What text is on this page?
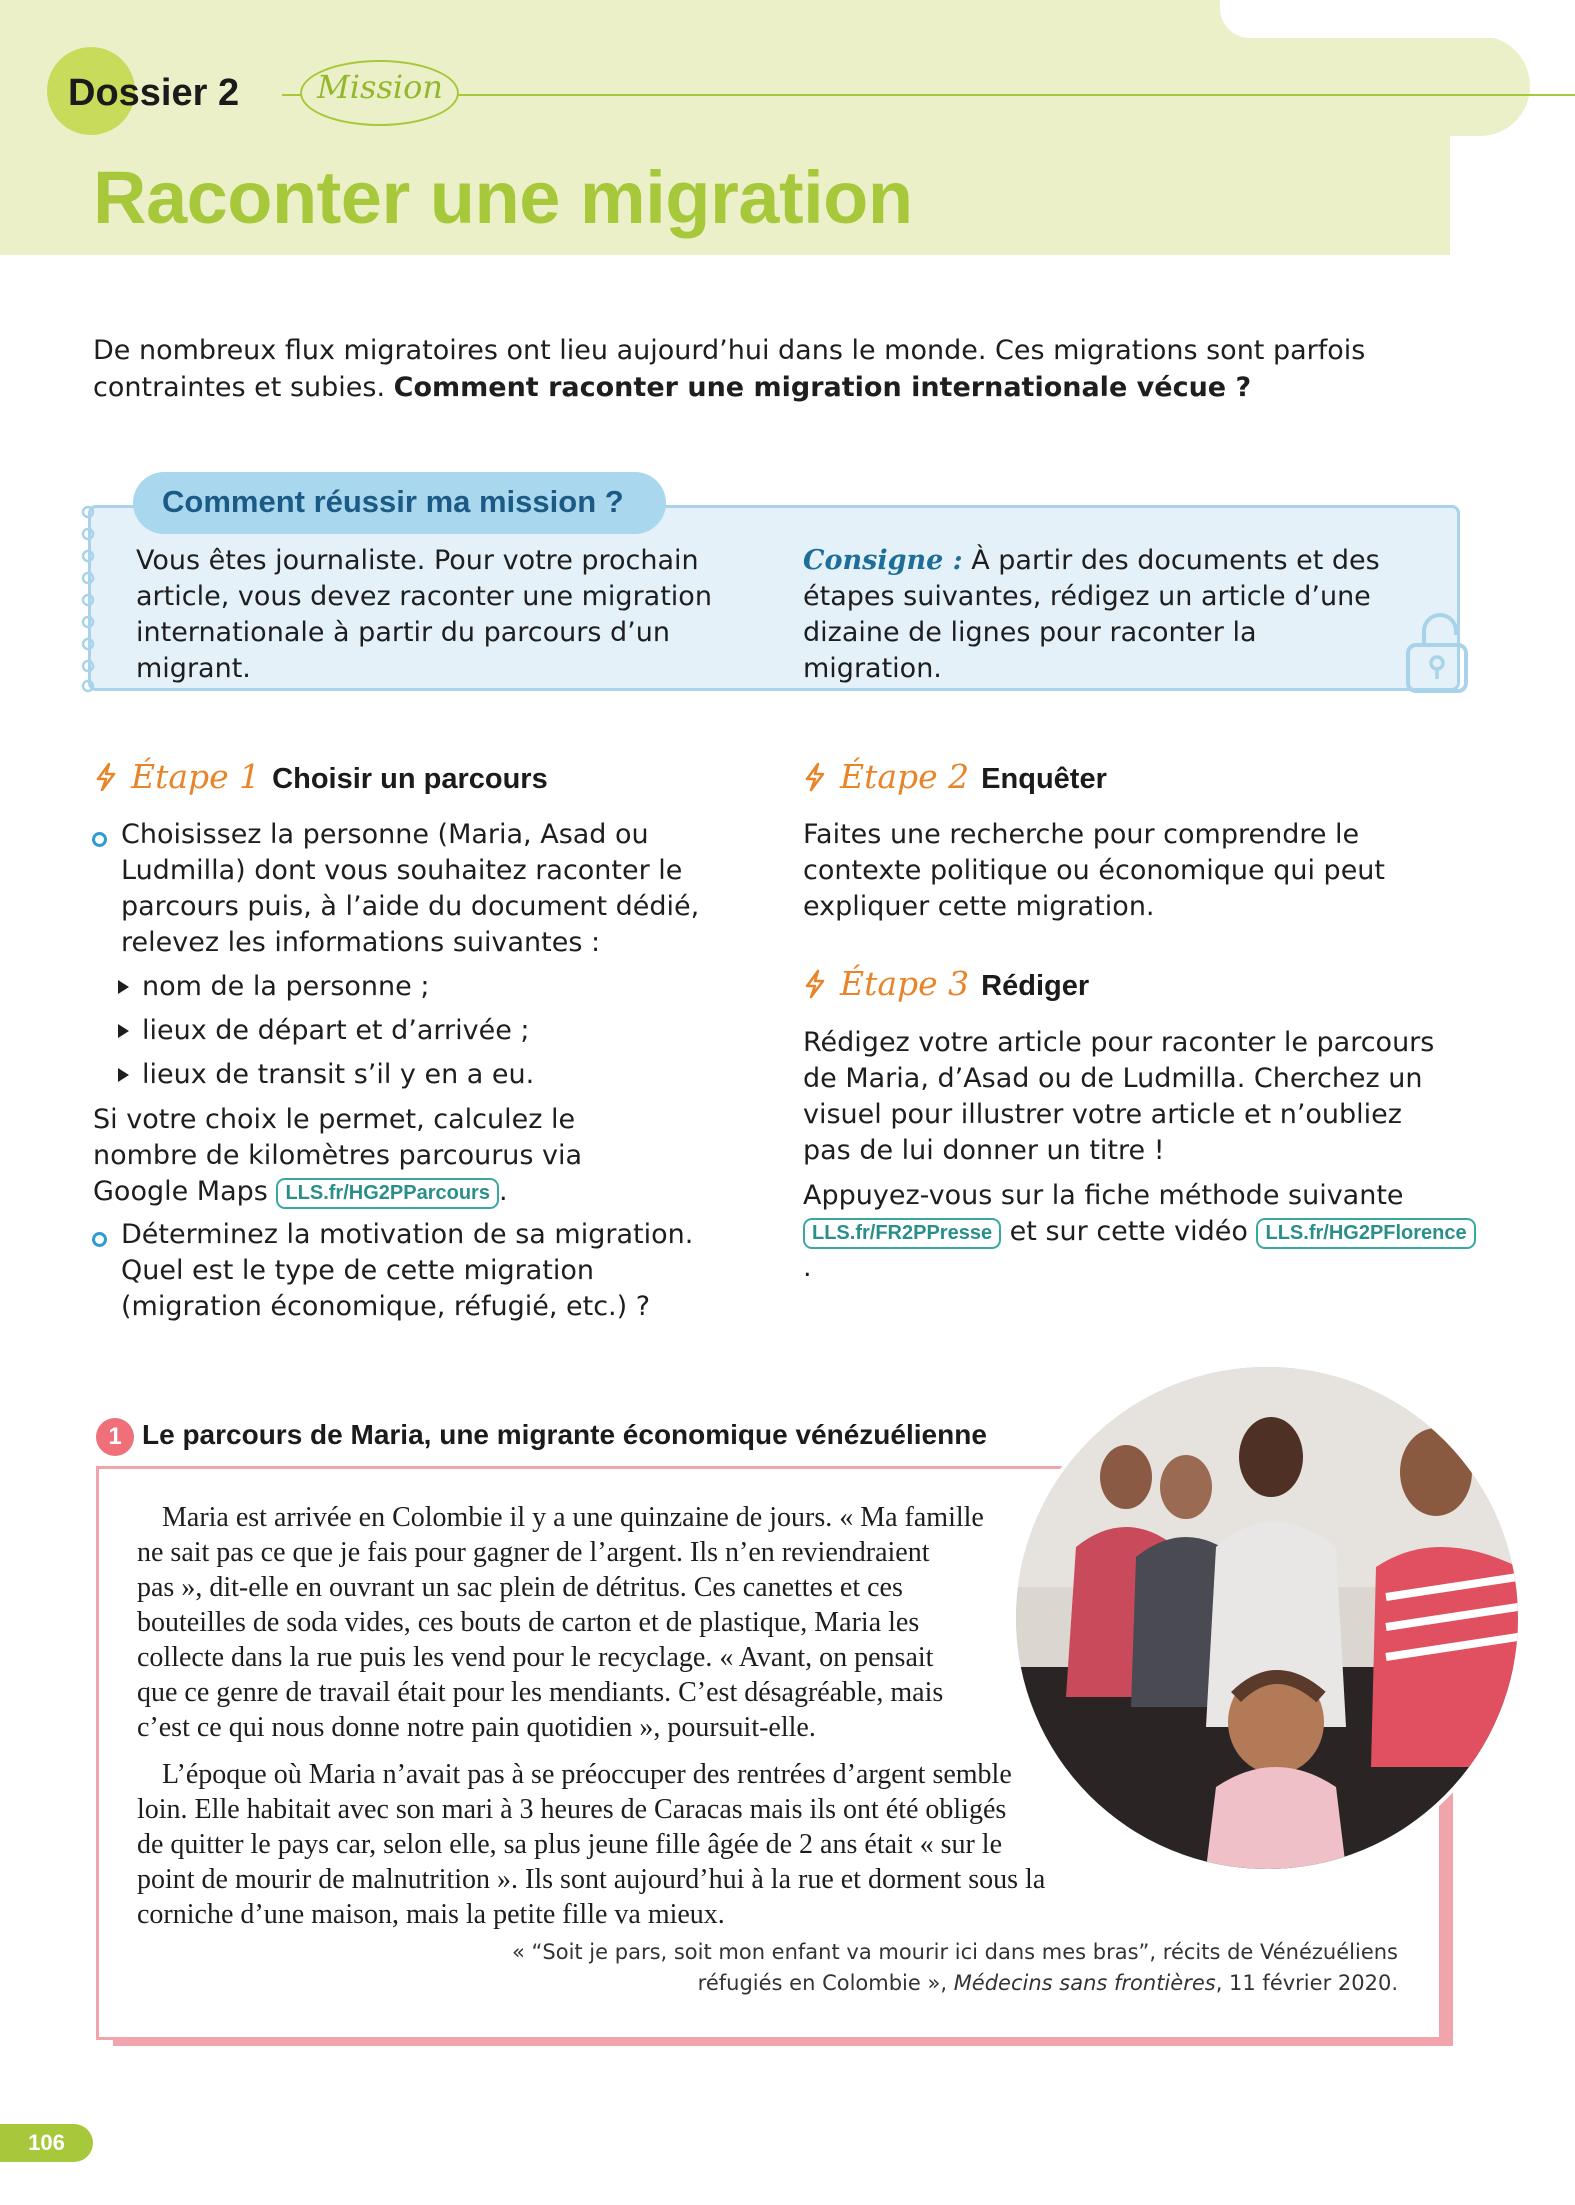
Dossier 2	Mission
Raconter une migration
De nombreux flux migratoires ont lieu aujourd’hui dans le monde. Ces migrations sont parfois contraintes et subies. Comment raconter une migration internationale vécue ?
Comment réussir ma mission ?
Vous êtes journaliste. Pour votre prochain article, vous devez raconter une migration internationale à partir du parcours d’un migrant.
Consigne : À partir des documents et des étapes suivantes, rédigez un article d’une dizaine de lignes pour raconter la migration.
Étape 1 Choisir un parcours
Choisissez la personne (Maria, Asad ou Ludmilla) dont vous souhaitez raconter le parcours puis, à l’aide du document dédié, relevez les informations suivantes :
nom de la personne ;
lieux de départ et d’arrivée ;
lieux de transit s’il y en a eu.
Si votre choix le permet, calculez le nombre de kilomètres parcourus via Google Maps LLS.fr/HG2PParcours .
Déterminez la motivation de sa migration. Quel est le type de cette migration (migration économique, réfugié, etc.) ?
Étape 2 Enquêter
Faites une recherche pour comprendre le contexte politique ou économique qui peut expliquer cette migration.
Étape 3 Rédiger
Rédigez votre article pour raconter le parcours de Maria, d’Asad ou de Ludmilla. Cherchez un visuel pour illustrer votre article et n’oubliez pas de lui donner un titre !
Appuyez-vous sur la fiche méthode suivante
LLS.fr/FR2PPresse et sur cette vidéo LLS.fr/HG2PFlorence.
1 Le parcours de Maria, une migrante économique vénézuélienne
Maria est arrivée en Colombie il y a une quinzaine de jours. « Ma famille
ne sait pas ce que je fais pour gagner de l’argent. Ils n’en reviendraient
pas », dit-elle en ouvrant un sac plein de détritus. Ces canettes et ces
bouteilles de soda vides, ces bouts de carton et de plastique, Maria les
collecte dans la rue puis les vend pour le recyclage. « Avant, on pensait
que ce genre de travail était pour les mendiants. C’est désagréable, mais
c’est ce qui nous donne notre pain quotidien », poursuit-elle.
L’époque où Maria n’avait pas à se préoccuper des rentrées d’argent semble
loin. Elle habitait avec son mari à 3 heures de Caracas mais ils ont été obligés
de quitter le pays car, selon elle, sa plus jeune fille âgée de 2 ans était « sur le
point de mourir de malnutrition ». Ils sont aujourd’hui à la rue et dorment sous la
corniche d’une maison, mais la petite fille va mieux.
« “Soit je pars, soit mon enfant va mourir ici dans mes bras”, récits de Vénézuéliens
réfugiés en Colombie », Médecins sans frontières, 11 février 2020.
106
